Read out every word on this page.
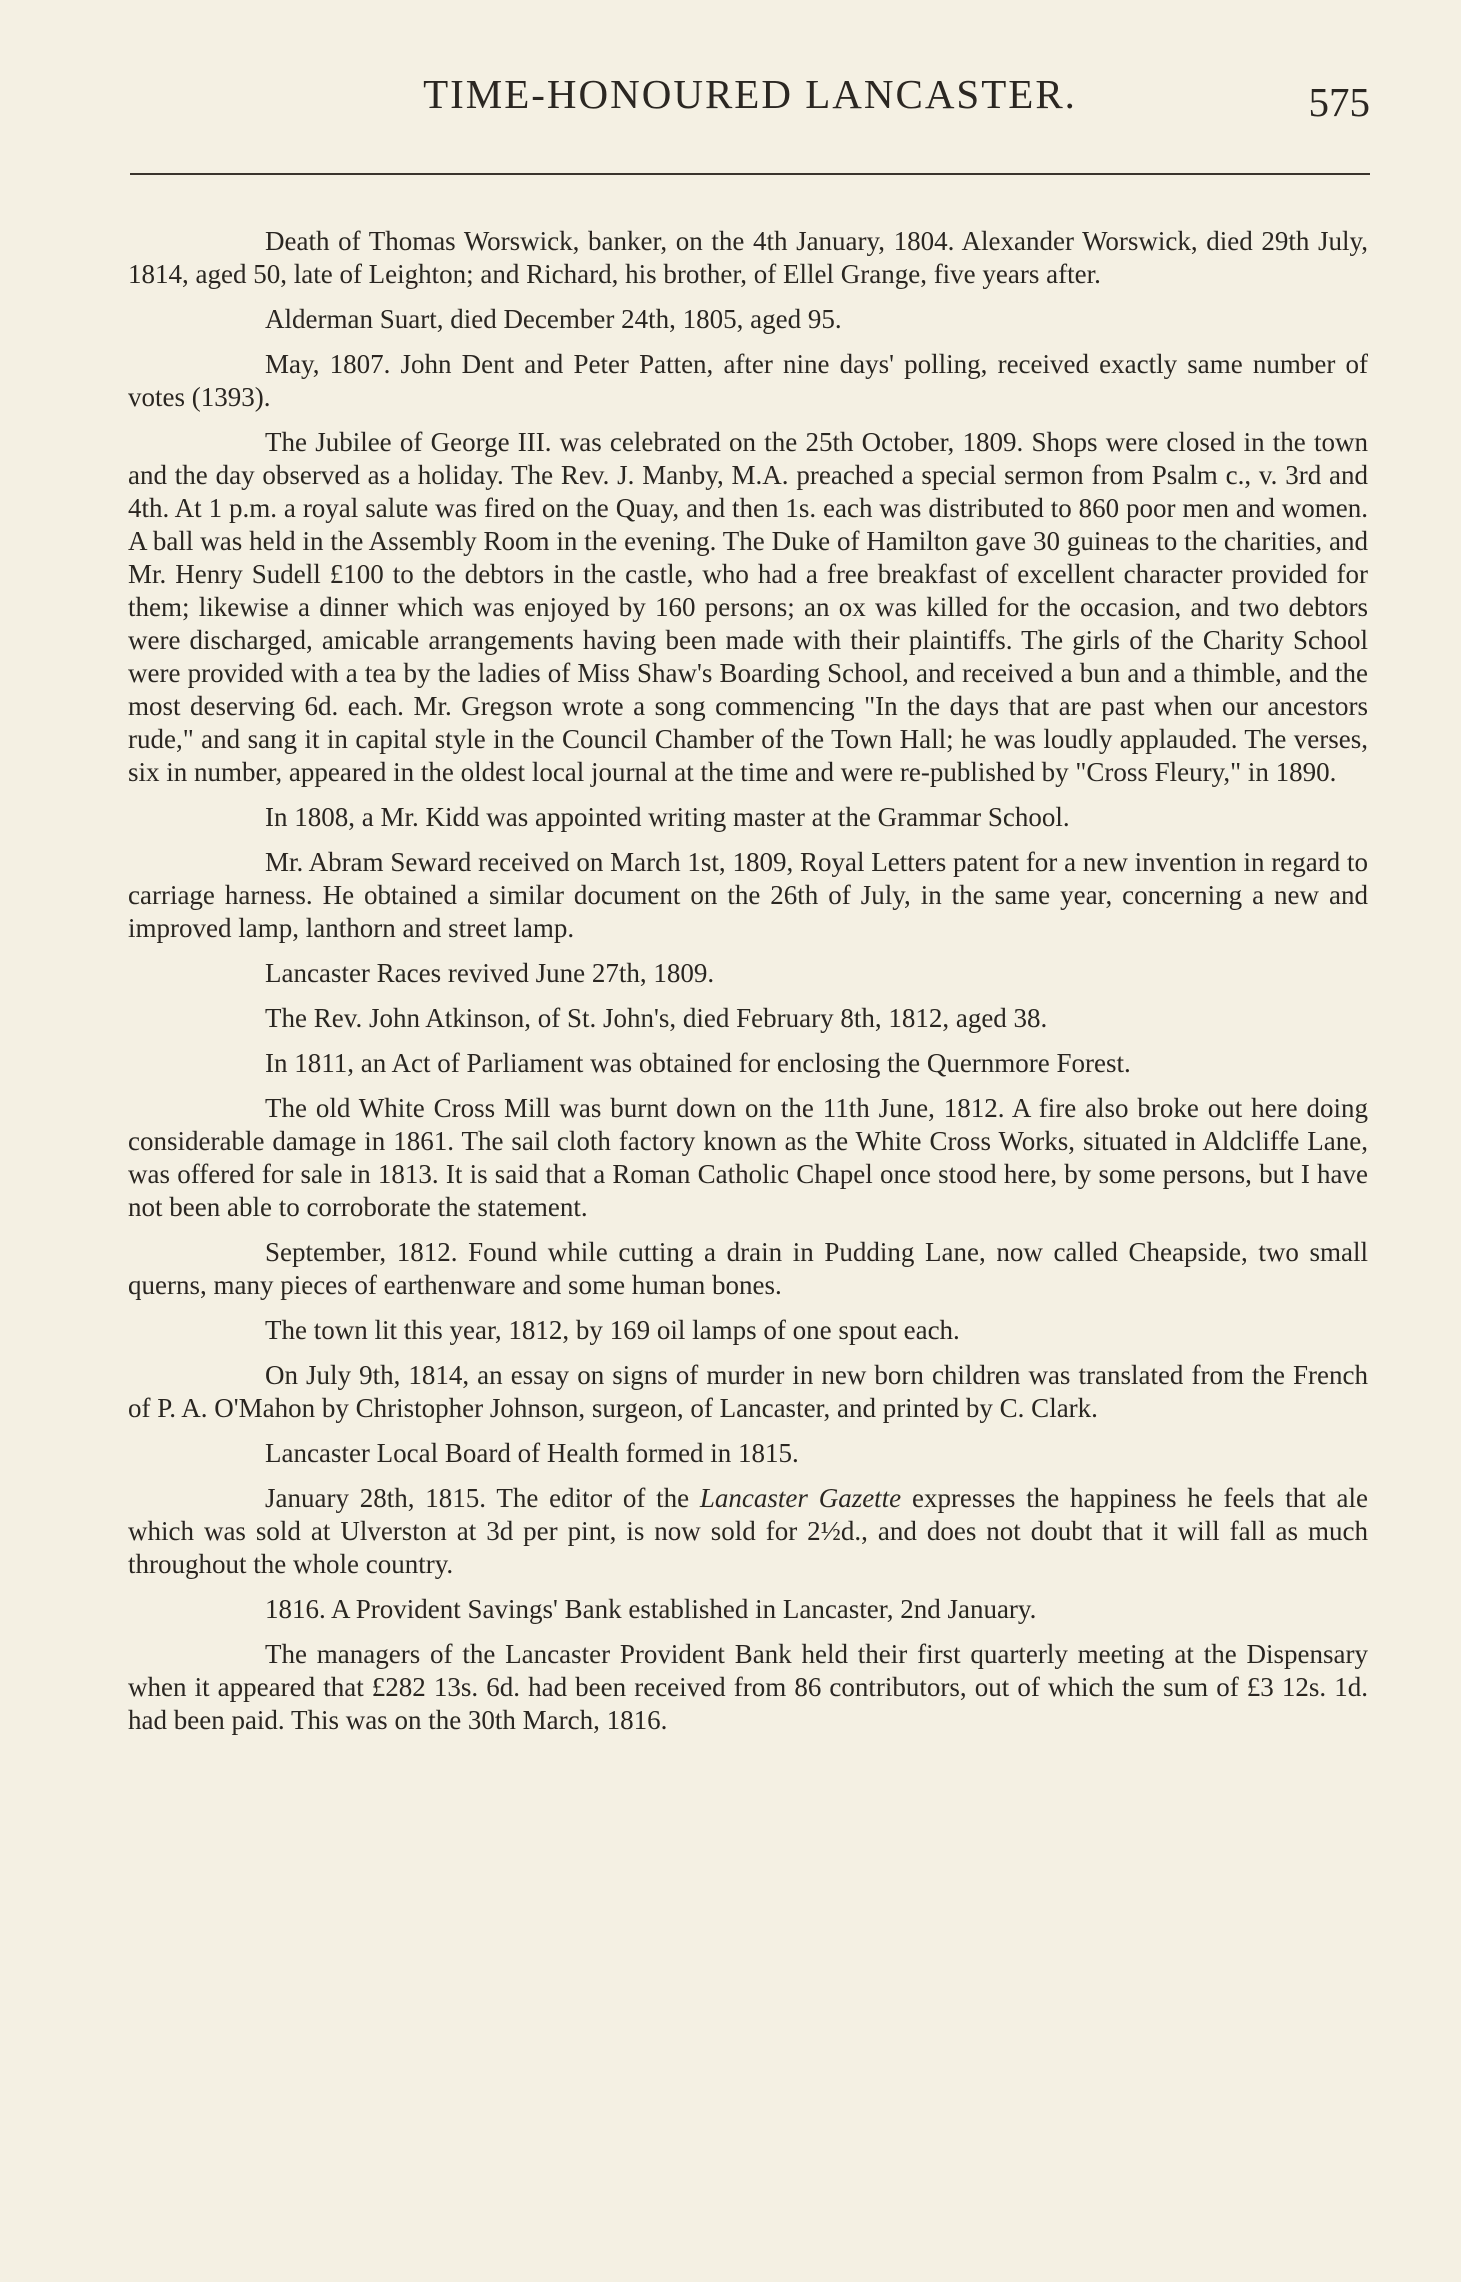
TIME-HONOURED LANCASTER.	575

Death of Thomas Worswick, banker, on the 4th January, 1804. Alexander Worswick, died 29th July, 1814, aged 50, late of Leighton; and Richard, his brother, of Ellel Grange, five years after.

Alderman Suart, died December 24th, 1805, aged 95.

May, 1807. John Dent and Peter Patten, after nine days' polling, received exactly same number of votes (1393).

The Jubilee of George III. was celebrated on the 25th October, 1809. Shops were closed in the town and the day observed as a holiday. The Rev. J. Manby, M.A. preached a special sermon from Psalm c., v. 3rd and 4th. At 1 p.m. a royal salute was fired on the Quay, and then 1s. each was distributed to 860 poor men and women. A ball was held in the Assembly Room in the evening. The Duke of Hamilton gave 30 guineas to the charities, and Mr. Henry Sudell £100 to the debtors in the castle, who had a free breakfast of excellent character provided for them; likewise a dinner which was enjoyed by 160 persons; an ox was killed for the occasion, and two debtors were discharged, amicable arrangements having been made with their plaintiffs. The girls of the Charity School were provided with a tea by the ladies of Miss Shaw's Boarding School, and received a bun and a thimble, and the most deserving 6d. each. Mr. Gregson wrote a song commencing "In the days that are past when our ancestors rude," and sang it in capital style in the Council Chamber of the Town Hall; he was loudly applauded. The verses, six in number, appeared in the oldest local journal at the time and were re-published by "Cross Fleury," in 1890.

In 1808, a Mr. Kidd was appointed writing master at the Grammar School.

Mr. Abram Seward received on March 1st, 1809, Royal Letters patent for a new invention in regard to carriage harness. He obtained a similar document on the 26th of July, in the same year, concerning a new and improved lamp, lanthorn and street lamp.

Lancaster Races revived June 27th, 1809.

The Rev. John Atkinson, of St. John's, died February 8th, 1812, aged 38.

In 1811, an Act of Parliament was obtained for enclosing the Quernmore Forest.

The old White Cross Mill was burnt down on the 11th June, 1812. A fire also broke out here doing considerable damage in 1861. The sail cloth factory known as the White Cross Works, situated in Aldcliffe Lane, was offered for sale in 1813. It is said that a Roman Catholic Chapel once stood here, by some persons, but I have not been able to corroborate the statement.

September, 1812. Found while cutting a drain in Pudding Lane, now called Cheapside, two small querns, many pieces of earthenware and some human bones.

The town lit this year, 1812, by 169 oil lamps of one spout each.

On July 9th, 1814, an essay on signs of murder in new born children was translated from the French of P. A. O'Mahon by Christopher Johnson, surgeon, of Lancaster, and printed by C. Clark.

Lancaster Local Board of Health formed in 1815.

January 28th, 1815. The editor of the Lancaster Gazette expresses the happiness he feels that ale which was sold at Ulverston at 3d per pint, is now sold for 2½d., and does not doubt that it will fall as much throughout the whole country.

1816. A Provident Savings' Bank established in Lancaster, 2nd January.

The managers of the Lancaster Provident Bank held their first quarterly meeting at the Dispensary when it appeared that £282 13s. 6d. had been received from 86 contributors, out of which the sum of £3 12s. 1d. had been paid. This was on the 30th March, 1816.
